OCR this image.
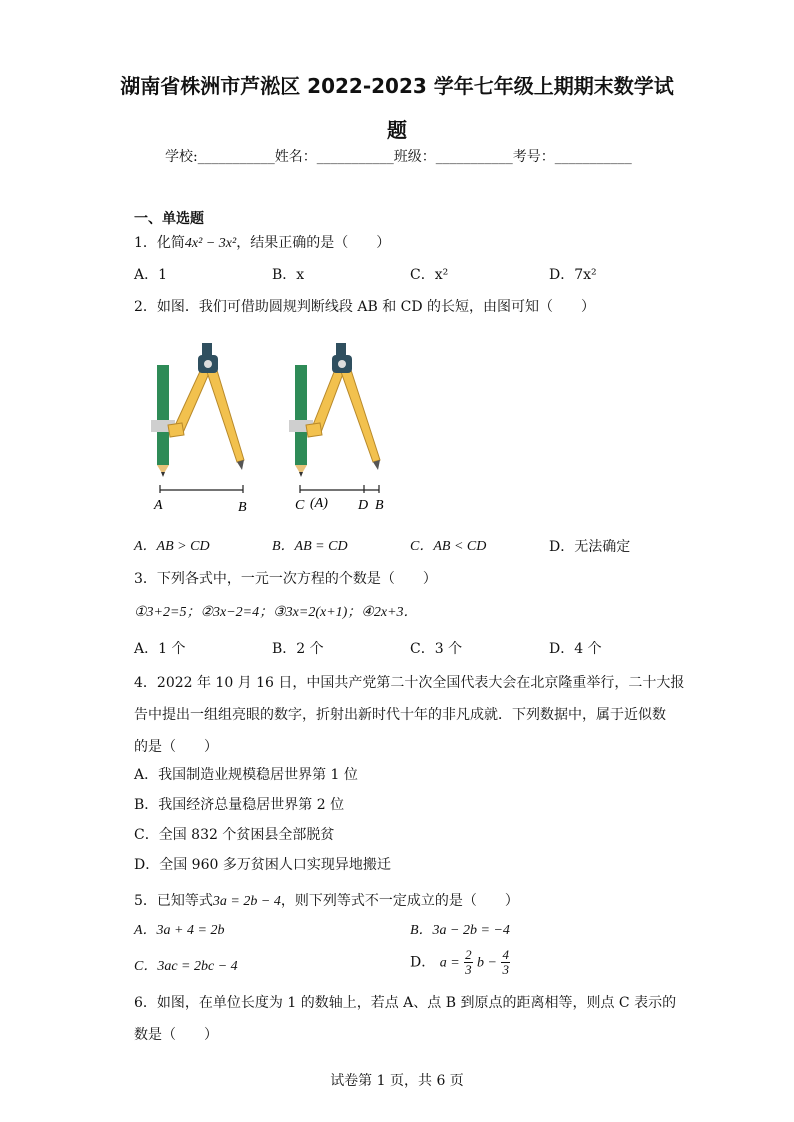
湖南省株洲市芦淞区 2022-2023 学年七年级上期期末数学试
题
学校:___________姓名：___________班级：___________考号：___________
一、单选题
1．化简4x² − 3x²，结果正确的是（　　）
A．1	B．x	C．x²	D．7x²
2．如图．我们可借助圆规判断线段 AB 和 CD 的长短，由图可知（　　）
A	B	C (A) D B
A．AB > CD	B．AB = CD	C．AB < CD	D．无法确定
3．下列各式中，一元一次方程的个数是（　　）
①3+2=5；②3x−2=4；③3x=2(x+1)；④2x+3．
A．1 个	B．2 个	C．3 个	D．4 个
4．2022 年 10 月 16 日，中国共产党第二十次全国代表大会在北京隆重举行，二十大报
告中提出一组组亮眼的数字，折射出新时代十年的非凡成就．下列数据中，属于近似数
的是（　　）
A．我国制造业规模稳居世界第 1 位
B．我国经济总量稳居世界第 2 位
C．全国 832 个贫困县全部脱贫
D．全国 960 多万贫困人口实现异地搬迁
5．已知等式3a = 2b − 4，则下列等式不一定成立的是（　　）
A．3a + 4 = 2b	B．3a − 2b = −4
C．3ac = 2bc − 4	D． $a = \frac{2}{3}$ $b - \frac{4}{3}$
6．如图，在单位长度为 1 的数轴上，若点 A、点 B 到原点的距离相等，则点 C 表示的
数是（　　）
试卷第 1 页，共 6 页
